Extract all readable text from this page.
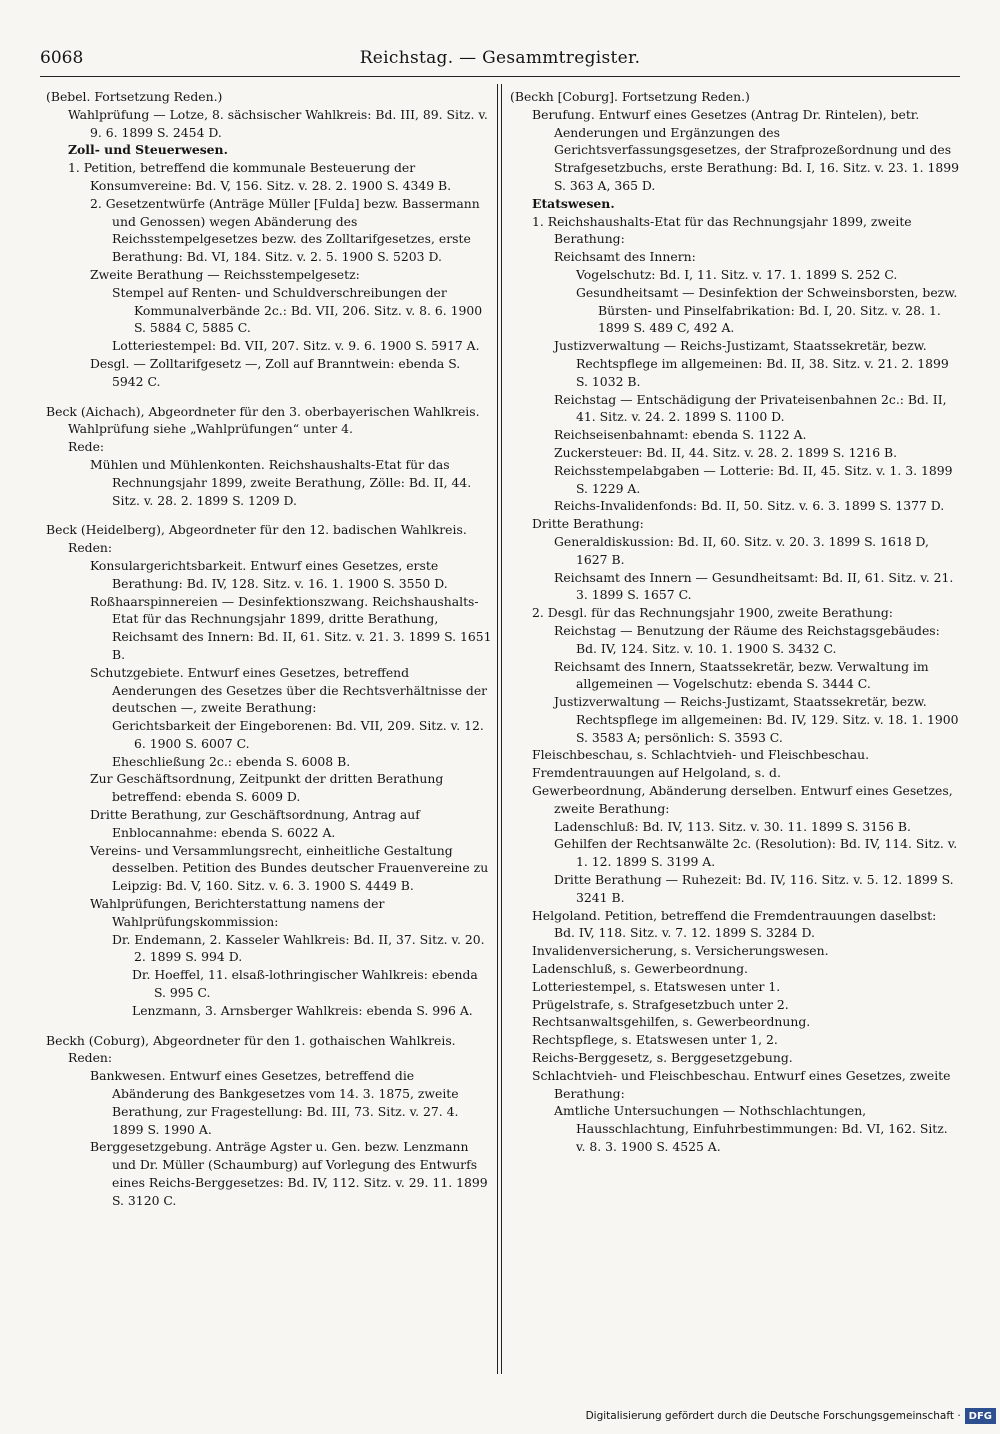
6068	Reichstag. — Gesammtregister.
(Bebel. Fortsetzung Reden.)
Wahlprüfung — Lotze, 8. sächsischer Wahlkreis: Bd. III, 89. Sitz. v. 9. 6. 1899 S. 2454 D.
Zoll- und Steuerwesen.
1. Petition, betreffend die kommunale Besteuerung der Konsumvereine: Bd. V, 156. Sitz. v. 28. 2. 1900 S. 4349 B.
2. Gesetzentwürfe (Anträge Müller [Fulda] bezw. Bassermann und Genossen) wegen Abänderung des Reichsstempelgesetzes bezw. des Zolltarifgesetzes, erste Berathung: Bd. VI, 184. Sitz. v. 2. 5. 1900 S. 5203 D.
Zweite Berathung — Reichsstempelgesetz:
Stempel auf Renten- und Schuldverschreibungen der Kommunalverbände 2c.: Bd. VII, 206. Sitz. v. 8. 6. 1900 S. 5884 C, 5885 C.
Lotteriestempel: Bd. VII, 207. Sitz. v. 9. 6. 1900 S. 5917 A.
Desgl. — Zolltarifgesetz —, Zoll auf Branntwein: ebenda S. 5942 C.
Beck (Aichach), Abgeordneter für den 3. oberbayerischen Wahlkreis.
Wahlprüfung siehe „Wahlprüfungen“ unter 4.
Rede:
Mühlen und Mühlenkonten. Reichshaushalts-Etat für das Rechnungsjahr 1899, zweite Berathung, Zölle: Bd. II, 44. Sitz. v. 28. 2. 1899 S. 1209 D.
Beck (Heidelberg), Abgeordneter für den 12. badischen Wahlkreis.
Reden:
Konsulargerichtsbarkeit. Entwurf eines Gesetzes, erste Berathung: Bd. IV, 128. Sitz. v. 16. 1. 1900 S. 3550 D.
Roßhaarspinnereien — Desinfektionszwang. Reichshaushalts-Etat für das Rechnungsjahr 1899, dritte Berathung, Reichsamt des Innern: Bd. II, 61. Sitz. v. 21. 3. 1899 S. 1651 B.
Schutzgebiete. Entwurf eines Gesetzes, betreffend Aenderungen des Gesetzes über die Rechtsverhältnisse der deutschen —, zweite Berathung:
Gerichtsbarkeit der Eingeborenen: Bd. VII, 209. Sitz. v. 12. 6. 1900 S. 6007 C.
Eheschließung 2c.: ebenda S. 6008 B.
Zur Geschäftsordnung, Zeitpunkt der dritten Berathung betreffend: ebenda S. 6009 D.
Dritte Berathung, zur Geschäftsordnung, Antrag auf Enblocannahme: ebenda S. 6022 A.
Vereins- und Versammlungsrecht, einheitliche Gestaltung desselben. Petition des Bundes deutscher Frauenvereine zu Leipzig: Bd. V, 160. Sitz. v. 6. 3. 1900 S. 4449 B.
Wahlprüfungen, Berichterstattung namens der Wahlprüfungskommission:
Dr. Endemann, 2. Kasseler Wahlkreis: Bd. II, 37. Sitz. v. 20. 2. 1899 S. 994 D.
Dr. Hoeffel, 11. elsaß-lothringischer Wahlkreis: ebenda S. 995 C.
Lenzmann, 3. Arnsberger Wahlkreis: ebenda S. 996 A.
Beckh (Coburg), Abgeordneter für den 1. gothaischen Wahlkreis.
Reden:
Bankwesen. Entwurf eines Gesetzes, betreffend die Abänderung des Bankgesetzes vom 14. 3. 1875, zweite Berathung, zur Fragestellung: Bd. III, 73. Sitz. v. 27. 4. 1899 S. 1990 A.
Berggesetzgebung. Anträge Agster u. Gen. bezw. Lenzmann und Dr. Müller (Schaumburg) auf Vorlegung des Entwurfs eines Reichs-Berggesetzes: Bd. IV, 112. Sitz. v. 29. 11. 1899 S. 3120 C.
(Beckh [Coburg]. Fortsetzung Reden.)
Berufung. Entwurf eines Gesetzes (Antrag Dr. Rintelen), betr. Aenderungen und Ergänzungen des Gerichtsverfassungsgesetzes, der Strafprozeßordnung und des Strafgesetzbuchs, erste Berathung: Bd. I, 16. Sitz. v. 23. 1. 1899 S. 363 A, 365 D.
Etatswesen.
1. Reichshaushalts-Etat für das Rechnungsjahr 1899, zweite Berathung:
Reichsamt des Innern:
Vogelschutz: Bd. I, 11. Sitz. v. 17. 1. 1899 S. 252 C.
Gesundheitsamt — Desinfektion der Schweinsborsten, bezw. Bürsten- und Pinselfabrikation: Bd. I, 20. Sitz. v. 28. 1. 1899 S. 489 C, 492 A.
Justizverwaltung — Reichs-Justizamt, Staatssekretär, bezw. Rechtspflege im allgemeinen: Bd. II, 38. Sitz. v. 21. 2. 1899 S. 1032 B.
Reichstag — Entschädigung der Privateisenbahnen 2c.: Bd. II, 41. Sitz. v. 24. 2. 1899 S. 1100 D.
Reichseisenbahnamt: ebenda S. 1122 A.
Zuckersteuer: Bd. II, 44. Sitz. v. 28. 2. 1899 S. 1216 B.
Reichsstempelabgaben — Lotterie: Bd. II, 45. Sitz. v. 1. 3. 1899 S. 1229 A.
Reichs-Invalidenfonds: Bd. II, 50. Sitz. v. 6. 3. 1899 S. 1377 D.
Dritte Berathung:
Generaldiskussion: Bd. II, 60. Sitz. v. 20. 3. 1899 S. 1618 D, 1627 B.
Reichsamt des Innern — Gesundheitsamt: Bd. II, 61. Sitz. v. 21. 3. 1899 S. 1657 C.
2. Desgl. für das Rechnungsjahr 1900, zweite Berathung:
Reichstag — Benutzung der Räume des Reichstagsgebäudes: Bd. IV, 124. Sitz. v. 10. 1. 1900 S. 3432 C.
Reichsamt des Innern, Staatssekretär, bezw. Verwaltung im allgemeinen — Vogelschutz: ebenda S. 3444 C.
Justizverwaltung — Reichs-Justizamt, Staatssekretär, bezw. Rechtspflege im allgemeinen: Bd. IV, 129. Sitz. v. 18. 1. 1900 S. 3583 A; persönlich: S. 3593 C.
Fleischbeschau, s. Schlachtvieh- und Fleischbeschau.
Fremdentrauungen auf Helgoland, s. d.
Gewerbeordnung, Abänderung derselben. Entwurf eines Gesetzes, zweite Berathung:
Ladenschluß: Bd. IV, 113. Sitz. v. 30. 11. 1899 S. 3156 B.
Gehilfen der Rechtsanwälte 2c. (Resolution): Bd. IV, 114. Sitz. v. 1. 12. 1899 S. 3199 A.
Dritte Berathung — Ruhezeit: Bd. IV, 116. Sitz. v. 5. 12. 1899 S. 3241 B.
Helgoland. Petition, betreffend die Fremdentrauungen daselbst: Bd. IV, 118. Sitz. v. 7. 12. 1899 S. 3284 D.
Invalidenversicherung, s. Versicherungswesen.
Ladenschluß, s. Gewerbeordnung.
Lotteriestempel, s. Etatswesen unter 1.
Prügelstrafe, s. Strafgesetzbuch unter 2.
Rechtsanwaltsgehilfen, s. Gewerbeordnung.
Rechtspflege, s. Etatswesen unter 1, 2.
Reichs-Berggesetz, s. Berggesetzgebung.
Schlachtvieh- und Fleischbeschau. Entwurf eines Gesetzes, zweite Berathung:
Amtliche Untersuchungen — Nothschlachtungen, Hausschlachtung, Einfuhrbestimmungen: Bd. VI, 162. Sitz. v. 8. 3. 1900 S. 4525 A.
Digitalisierung gefördert durch die Deutsche Forschungsgemeinschaft · DFG
